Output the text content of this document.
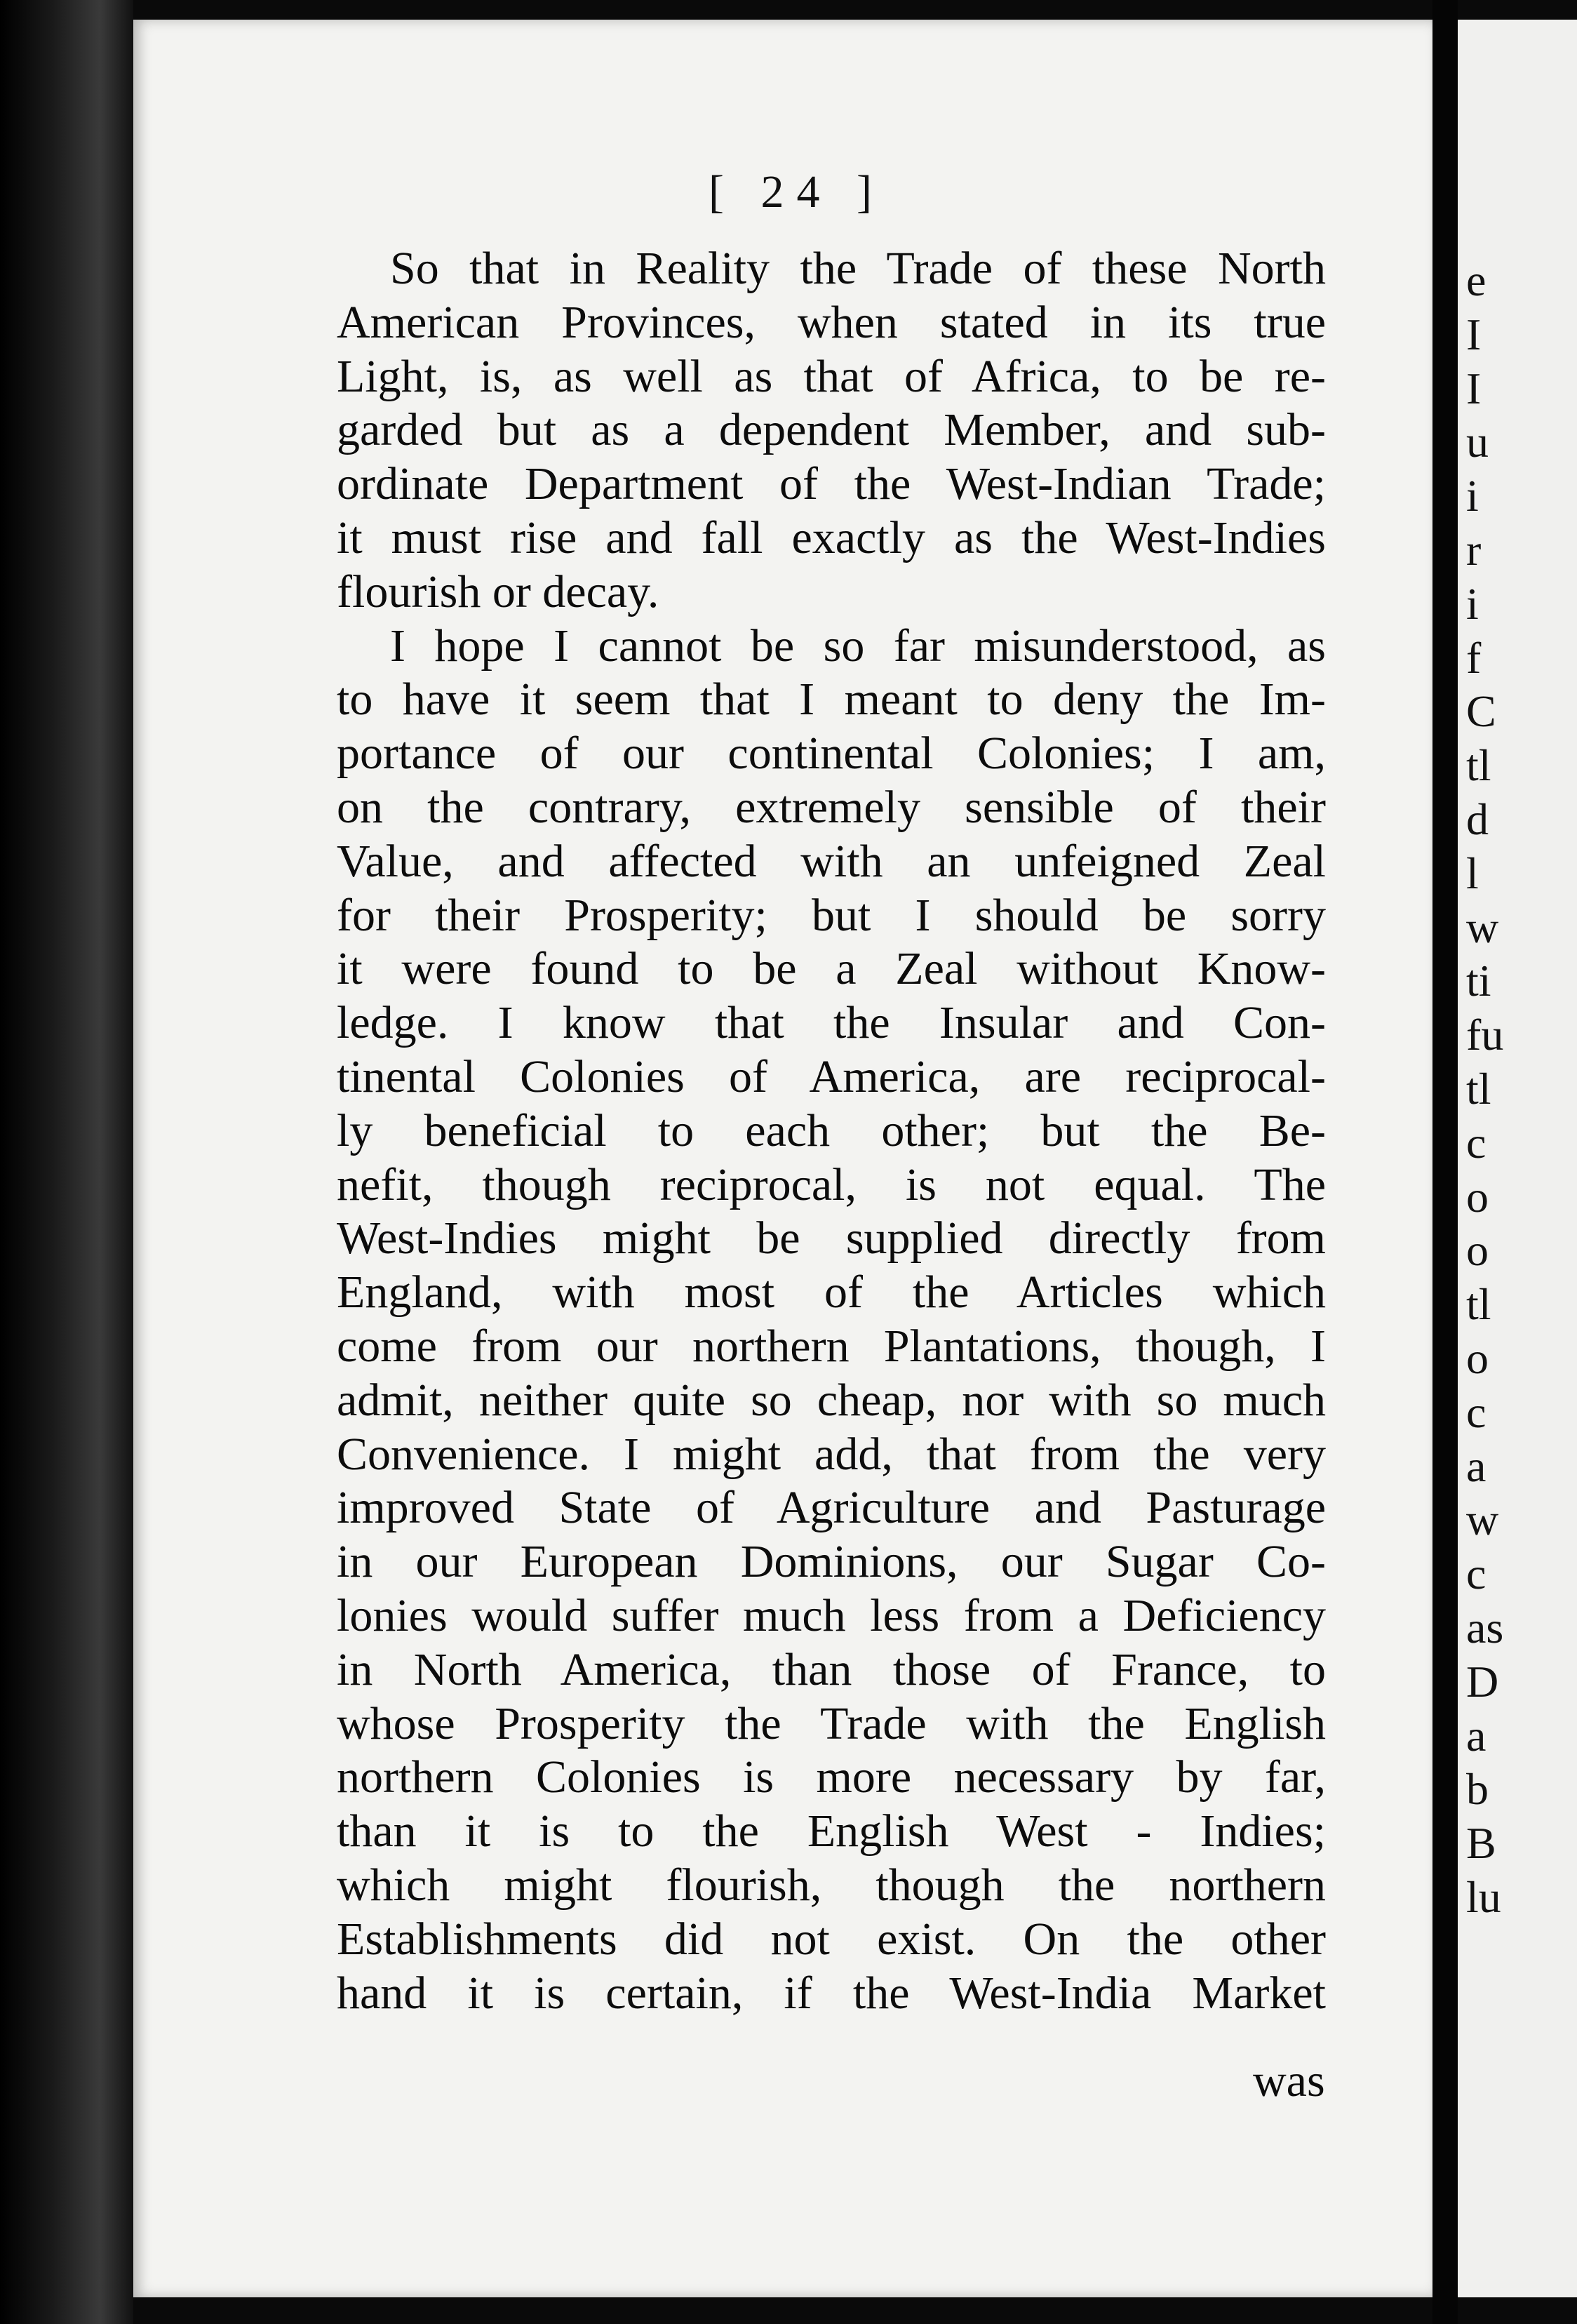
[ 24 ]
So that in Reality the Trade of these North
American Provinces, when stated in its true
Light, is, as well as that of Africa, to be re-
garded but as a dependent Member, and sub-
ordinate Department of the West-Indian Trade;
it must rise and fall exactly as the West-Indies
flourish or decay.
I hope I cannot be so far misunderstood, as
to have it seem that I meant to deny the Im-
portance of our continental Colonies; I am,
on the contrary, extremely sensible of their
Value, and affected with an unfeigned Zeal
for their Prosperity; but I should be sorry
it were found to be a Zeal without Know-
ledge. I know that the Insular and Con-
tinental Colonies of America, are reciprocal-
ly beneficial to each other; but the Be-
nefit, though reciprocal, is not equal. The
West-Indies might be supplied directly from
England, with most of the Articles which
come from our northern Plantations, though, I
admit, neither quite so cheap, nor with so much
Convenience. I might add, that from the very
improved State of Agriculture and Pasturage
in our European Dominions, our Sugar Co-
lonies would suffer much less from a Deficiency
in North America, than those of France, to
whose Prosperity the Trade with the English
northern Colonies is more necessary by far,
than it is to the English West - Indies;
which might flourish, though the northern
Establishments did not exist. On the other
hand it is certain, if the West-India Market
was
e
I
I
u
i
r
i
f
C
tl
d
l
w
ti
fu
tl
c
o
o
tl
o
c
a
w
c
as
D
a
b
B
lu
